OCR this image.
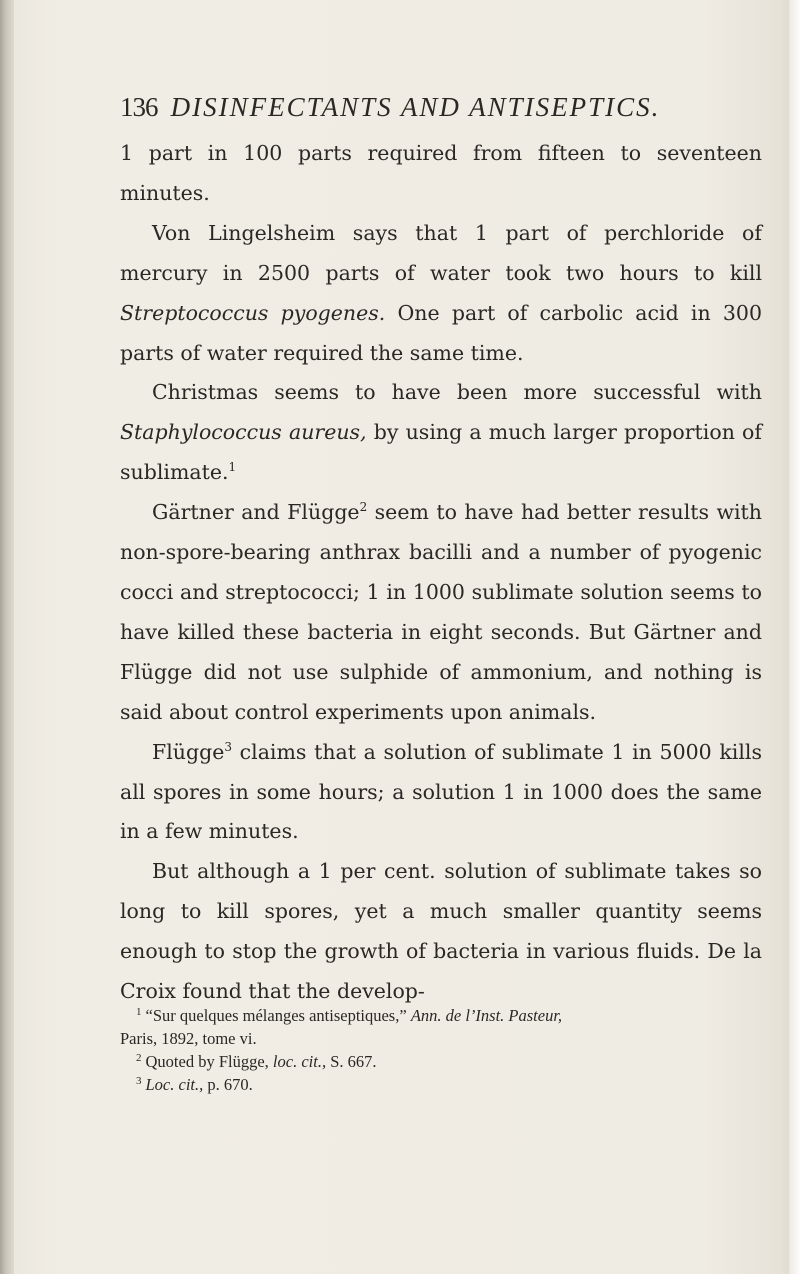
136 DISINFECTANTS AND ANTISEPTICS.

1 part in 100 parts required from fifteen to seventeen minutes.

Von Lingelsheim says that 1 part of perchloride of mercury in 2500 parts of water took two hours to kill Streptococcus pyogenes. One part of carbolic acid in 300 parts of water required the same time.

Christmas seems to have been more successful with Staphylococcus aureus, by using a much larger proportion of sublimate.$^1$

Gärtner and Flügge$^2$ seem to have had better results with non-spore-bearing anthrax bacilli and a number of pyogenic cocci and streptococci; 1 in 1000 sublimate solution seems to have killed these bacteria in eight seconds. But Gärtner and Flügge did not use sulphide of ammonium, and nothing is said about control experiments upon animals.

Flügge$^3$ claims that a solution of sublimate 1 in 5000 kills all spores in some hours; a solution 1 in 1000 does the same in a few minutes.

But although a 1 per cent. solution of sublimate takes so long to kill spores, yet a much smaller quantity seems enough to stop the growth of bacteria in various fluids. De la Croix found that the develop-

$^1$ “Sur quelques mélanges antiseptiques,” Ann. de l’Inst. Pasteur,

Paris, 1892, tome vi.

$^2$ Quoted by Flügge, loc. cit., S. 667.

$^3$ Loc. cit., p. 670.
